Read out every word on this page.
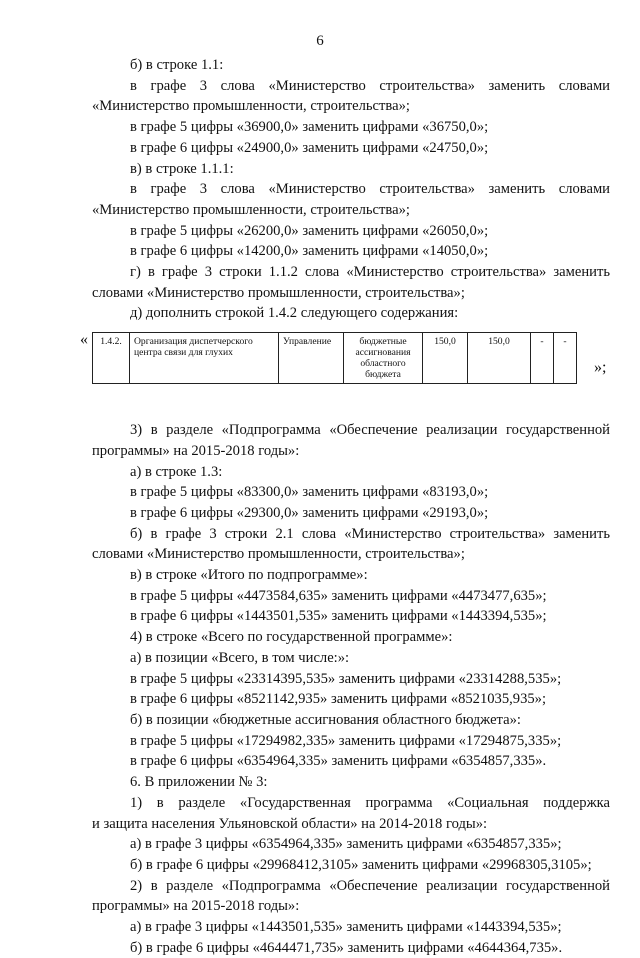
6
б) в строке 1.1:
в графе 3 слова «Министерство строительства» заменить словами
«Министерство промышленности, строительства»;
в графе 5 цифры «36900,0» заменить цифрами «36750,0»;
в графе 6 цифры «24900,0» заменить цифрами «24750,0»;
в) в строке 1.1.1:
в графе 3 слова «Министерство строительства» заменить словами
«Министерство промышленности, строительства»;
в графе 5 цифры «26200,0» заменить цифрами «26050,0»;
в графе 6 цифры «14200,0» заменить цифрами «14050,0»;
г) в графе 3 строки 1.1.2 слова «Министерство строительства» заменить
словами «Министерство промышленности, строительства»;
д) дополнить строкой 1.4.2 следующего содержания:
« 1.4.2.	Организация диспетчерского центра связи для глухих	Управление	бюджетные ассигнования областного бюджета	150,0	150,0	-	-
»;
3) в разделе «Подпрограмма «Обеспечение реализации государственной
программы» на 2015-2018 годы»:
а) в строке 1.3:
в графе 5 цифры «83300,0» заменить цифрами «83193,0»;
в графе 6 цифры «29300,0» заменить цифрами «29193,0»;
б) в графе 3 строки 2.1 слова «Министерство строительства» заменить
словами «Министерство промышленности, строительства»;
в) в строке «Итого по подпрограмме»:
в графе 5 цифры «4473584,635» заменить цифрами «4473477,635»;
в графе 6 цифры «1443501,535» заменить цифрами «1443394,535»;
4) в строке «Всего по государственной программе»:
а) в позиции «Всего, в том числе:»:
в графе 5 цифры «23314395,535» заменить цифрами «23314288,535»;
в графе 6 цифры «8521142,935» заменить цифрами «8521035,935»;
б) в позиции «бюджетные ассигнования областного бюджета»:
в графе 5 цифры «17294982,335» заменить цифрами «17294875,335»;
в графе 6 цифры «6354964,335» заменить цифрами «6354857,335».
6. В приложении № 3:
1) в разделе «Государственная программа «Социальная поддержка
и защита населения Ульяновской области» на 2014-2018 годы»:
а) в графе 3 цифры «6354964,335» заменить цифрами «6354857,335»;
б) в графе 6 цифры «29968412,3105» заменить цифрами «29968305,3105»;
2) в разделе «Подпрограмма «Обеспечение реализации государственной
программы» на 2015-2018 годы»:
а) в графе 3 цифры «1443501,535» заменить цифрами «1443394,535»;
б) в графе 6 цифры «4644471,735» заменить цифрами «4644364,735».
